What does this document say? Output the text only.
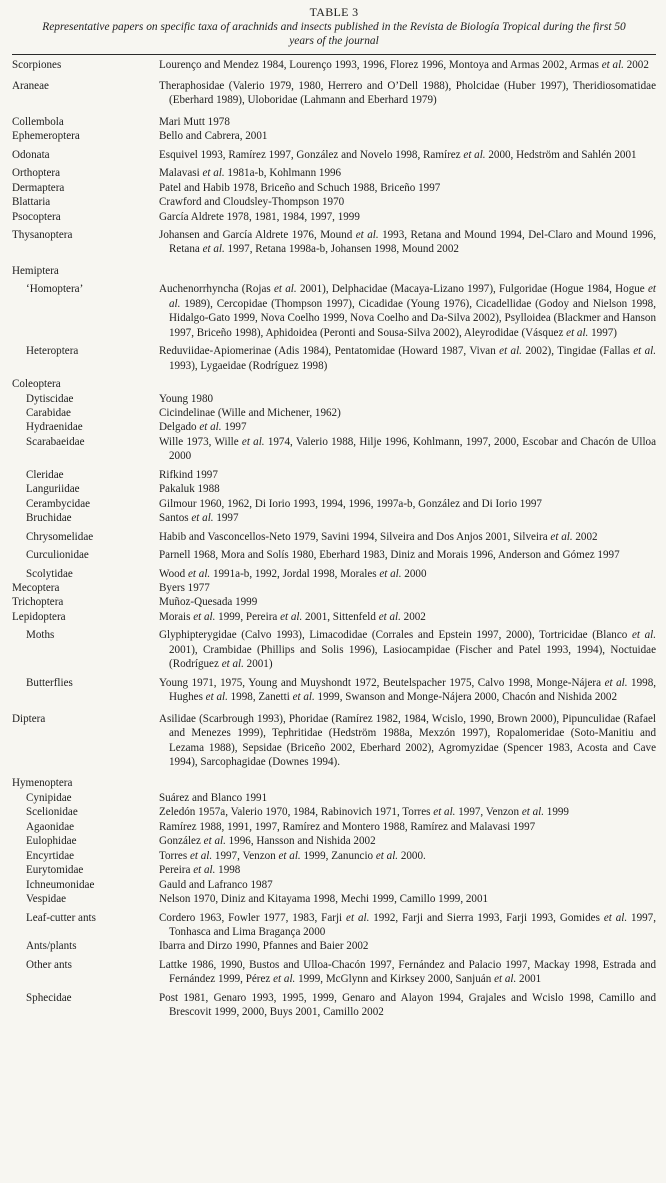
TABLE 3
Representative papers on specific taxa of arachnids and insects published in the Revista de Biología Tropical during the first 50 years of the journal
Scorpiones	Lourenço and Mendez 1984, Lourenço 1993, 1996, Florez 1996, Montoya and Armas 2002, Armas et al. 2002
Araneae	Theraphosidae (Valerio 1979, 1980, Herrero and O’Dell 1988), Pholcidae (Huber 1997), Theridiosomatidae (Eberhard 1989), Uloboridae (Lahmann and Eberhard 1979)
Collembola	Mari Mutt 1978
Ephemeroptera	Bello and Cabrera, 2001
Odonata	Esquivel 1993, Ramírez 1997, González and Novelo 1998, Ramírez et al. 2000, Hedström and Sahlén 2001
Orthoptera	Malavasi et al. 1981a-b, Kohlmann 1996
Dermaptera	Patel and Habib 1978, Briceño and Schuch 1988, Briceño 1997
Blattaria	Crawford and Cloudsley-Thompson 1970
Psocoptera	García Aldrete 1978, 1981, 1984, 1997, 1999
Thysanoptera	Johansen and García Aldrete 1976, Mound et al. 1993, Retana and Mound 1994, Del-Claro and Mound 1996, Retana et al. 1997, Retana 1998a-b, Johansen 1998, Mound 2002
Hemiptera
‘Homoptera’	Auchenorrhyncha (Rojas et al. 2001), Delphacidae (Macaya-Lizano 1997), Fulgoridae (Hogue 1984, Hogue et al. 1989), Cercopidae (Thompson 1997), Cicadidae (Young 1976), Cicadellidae (Godoy and Nielson 1998, Hidalgo-Gato 1999, Nova Coelho 1999, Nova Coelho and Da-Silva 2002), Psylloidea (Blackmer and Hanson 1997, Briceño 1998), Aphidoidea (Peronti and Sousa-Silva 2002), Aleyrodidae (Vásquez et al. 1997)
Heteroptera	Reduviidae-Apiomerinae (Adis 1984), Pentatomidae (Howard 1987, Vivan et al. 2002), Tingidae (Fallas et al. 1993), Lygaeidae (Rodríguez 1998)
Coleoptera
Dytiscidae	Young 1980
Carabidae	Cicindelinae (Wille and Michener, 1962)
Hydraenidae	Delgado et al. 1997
Scarabaeidae	Wille 1973, Wille et al. 1974, Valerio 1988, Hilje 1996, Kohlmann, 1997, 2000, Escobar and Chacón de Ulloa 2000
Cleridae	Rifkind 1997
Languriidae	Pakaluk 1988
Cerambycidae	Gilmour 1960, 1962, Di Iorio 1993, 1994, 1996, 1997a-b, González and Di Iorio 1997
Bruchidae	Santos et al. 1997
Chrysomelidae	Habib and Vasconcellos-Neto 1979, Savini 1994, Silveira and Dos Anjos 2001, Silveira et al. 2002
Curculionidae	Parnell 1968, Mora and Solís 1980, Eberhard 1983, Diniz and Morais 1996, Anderson and Gómez 1997
Scolytidae	Wood et al. 1991a-b, 1992, Jordal 1998, Morales et al. 2000
Mecoptera	Byers 1977
Trichoptera	Muñoz-Quesada 1999
Lepidoptera	Morais et al. 1999, Pereira et al. 2001, Sittenfeld et al. 2002
Moths	Glyphipterygidae (Calvo 1993), Limacodidae (Corrales and Epstein 1997, 2000), Tortricidae (Blanco et al. 2001), Crambidae (Phillips and Solis 1996), Lasiocampidae (Fischer and Patel 1993, 1994), Noctuidae (Rodríguez et al. 2001)
Butterflies	Young 1971, 1975, Young and Muyshondt 1972, Beutelspacher 1975, Calvo 1998, Monge-Nájera et al. 1998, Hughes et al. 1998, Zanetti et al. 1999, Swanson and Monge-Nájera 2000, Chacón and Nishida 2002
Diptera	Asilidae (Scarbrough 1993), Phoridae (Ramírez 1982, 1984, Wcislo, 1990, Brown 2000), Pipunculidae (Rafael and Menezes 1999), Tephritidae (Hedström 1988a, Mexzón 1997), Ropalomeridae (Soto-Manitiu and Lezama 1988), Sepsidae (Briceño 2002, Eberhard 2002), Agromyzidae (Spencer 1983, Acosta and Cave 1994), Sarcophagidae (Downes 1994).
Hymenoptera
Cynipidae	Suárez and Blanco 1991
Scelionidae	Zeledón 1957a, Valerio 1970, 1984, Rabinovich 1971, Torres et al. 1997, Venzon et al. 1999
Agaonidae	Ramírez 1988, 1991, 1997, Ramírez and Montero 1988, Ramírez and Malavasi 1997
Eulophidae	González et al. 1996, Hansson and Nishida 2002
Encyrtidae	Torres et al. 1997, Venzon et al. 1999, Zanuncio et al. 2000.
Eurytomidae	Pereira et al. 1998
Ichneumonidae	Gauld and Lafranco 1987
Vespidae	Nelson 1970, Diniz and Kitayama 1998, Mechi 1999, Camillo 1999, 2001
Leaf-cutter ants	Cordero 1963, Fowler 1977, 1983, Farji et al. 1992, Farji and Sierra 1993, Farji 1993, Gomides et al. 1997, Tonhasca and Lima Bragança 2000
Ants/plants	Ibarra and Dirzo 1990, Pfannes and Baier 2002
Other ants	Lattke 1986, 1990, Bustos and Ulloa-Chacón 1997, Fernández and Palacio 1997, Mackay 1998, Estrada and Fernández 1999, Pérez et al. 1999, McGlynn and Kirksey 2000, Sanjuán et al. 2001
Sphecidae	Post 1981, Genaro 1993, 1995, 1999, Genaro and Alayon 1994, Grajales and Wcislo 1998, Camillo and Brescovit 1999, 2000, Buys 2001, Camillo 2002
